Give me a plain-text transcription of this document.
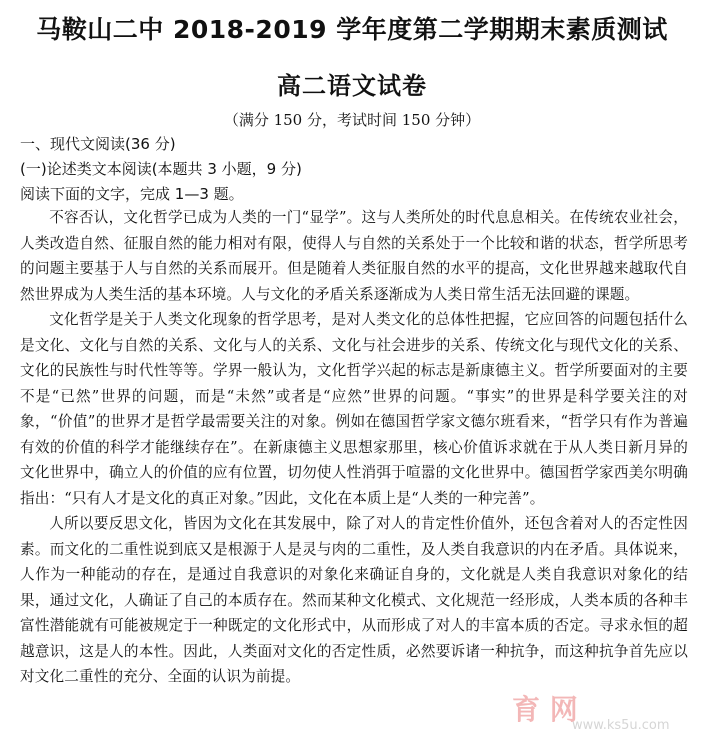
马鞍山二中 2018-2019 学年度第二学期期末素质测试
高二语文试卷
（满分 150 分，考试时间 150 分钟）
一、现代文阅读(36 分)
(一)论述类文本阅读(本题共 3 小题，9 分)
阅读下面的文字，完成 1—3 题。

不容否认，文化哲学已成为人类的一门“显学”。这与人类所处的时代息息相关。在传统农业社会，人类改造自然、征服自然的能力相对有限，使得人与自然的关系处于一个比较和谐的状态，哲学所思考的问题主要基于人与自然的关系而展开。但是随着人类征服自然的水平的提高，文化世界越来越取代自然世界成为人类生活的基本环境。人与文化的矛盾关系逐渐成为人类日常生活无法回避的课题。

文化哲学是关于人类文化现象的哲学思考，是对人类文化的总体性把握，它应回答的问题包括什么是文化、文化与自然的关系、文化与人的关系、文化与社会进步的关系、传统文化与现代文化的关系、文化的民族性与时代性等等。学界一般认为，文化哲学兴起的标志是新康德主义。哲学所要面对的主要不是“已然”世界的问题，而是“未然”或者是“应然”世界的问题。“事实”的世界是科学要关注的对象，“价值”的世界才是哲学最需要关注的对象。例如在德国哲学家文德尔班看来，“哲学只有作为普遍有效的价值的科学才能继续存在”。在新康德主义思想家那里，核心价值诉求就在于从人类日新月异的文化世界中，确立人的价值的应有位置，切勿使人性消弭于喧嚣的文化世界中。德国哲学家西美尔明确指出：“只有人才是文化的真正对象。”因此，文化在本质上是“人类的一种完善”。

人所以要反思文化，皆因为文化在其发展中，除了对人的肯定性价值外，还包含着对人的否定性因素。而文化的二重性说到底又是根源于人是灵与肉的二重性，及人类自我意识的内在矛盾。具体说来，人作为一种能动的存在，是通过自我意识的对象化来确证自身的，文化就是人类自我意识对象化的结果，通过文化，人确证了自己的本质存在。然而某种文化模式、文化规范一经形成，人类本质的各种丰富性潜能就有可能被规定于一种既定的文化形式中，从而形成了对人的丰富本质的否定。寻求永恒的超越意识，这是人的本性。因此，人类面对文化的否定性质，必然要诉诸一种抗争，而这种抗争首先应以对文化二重性的充分、全面的认识为前提。

育 网
www.ks5u.com
